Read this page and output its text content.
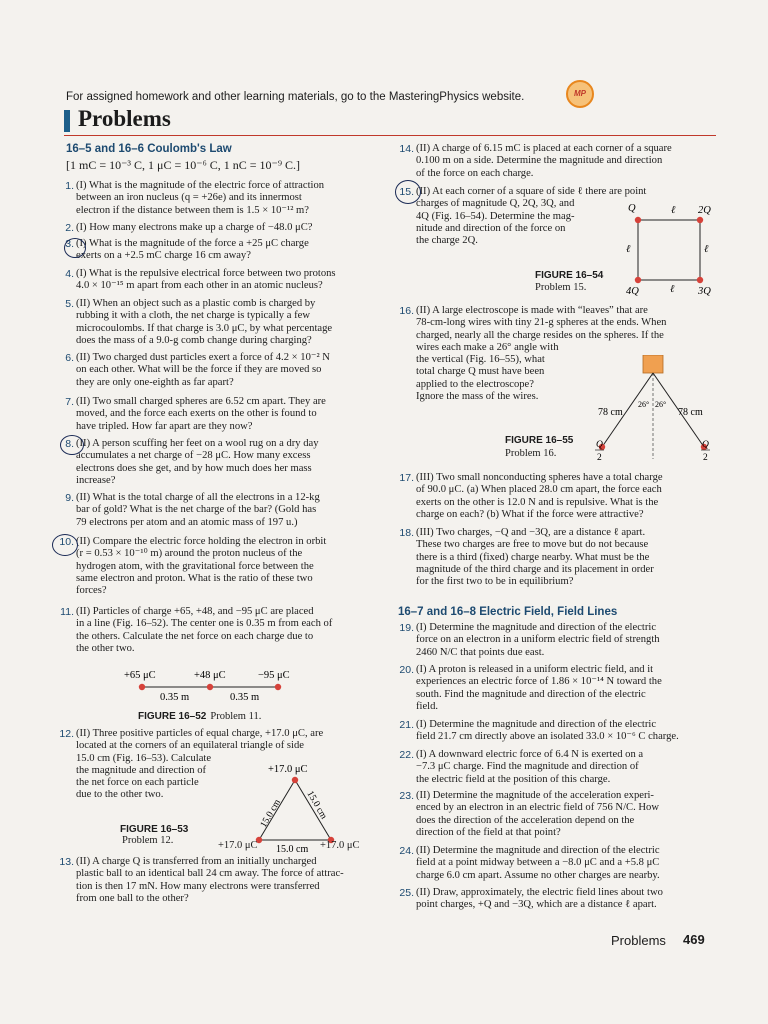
For assigned homework and other learning materials, go to the MasteringPhysics website.	MP
Problems
16–5 and 16–6 Coulomb's Law
[1 mC = 10⁻³ C, 1 μC = 10⁻⁶ C, 1 nC = 10⁻⁹ C.]
1. (I) What is the magnitude of the electric force of attraction
between an iron nucleus (q = +26e) and its innermost
electron if the distance between them is 1.5 × 10⁻¹² m?
2. (I) How many electrons make up a charge of −48.0 μC?
3. (I) What is the magnitude of the force a +25 μC charge
exerts on a +2.5 mC charge 16 cm away?
4. (I) What is the repulsive electrical force between two protons
4.0 × 10⁻¹⁵ m apart from each other in an atomic nucleus?
5. (II) When an object such as a plastic comb is charged by
rubbing it with a cloth, the net charge is typically a few
microcoulombs. If that charge is 3.0 μC, by what percentage
does the mass of a 9.0-g comb change during charging?
6. (II) Two charged dust particles exert a force of 4.2 × 10⁻² N
on each other. What will be the force if they are moved so
they are only one-eighth as far apart?
7. (II) Two small charged spheres are 6.52 cm apart. They are
moved, and the force each exerts on the other is found to
have tripled. How far apart are they now?
8. (II) A person scuffing her feet on a wool rug on a dry day
accumulates a net charge of −28 μC. How many excess
electrons does she get, and by how much does her mass
increase?
9. (II) What is the total charge of all the electrons in a 12-kg
bar of gold? What is the net charge of the bar? (Gold has
79 electrons per atom and an atomic mass of 197 u.)
10. (II) Compare the electric force holding the electron in orbit
(r = 0.53 × 10⁻¹⁰ m) around the proton nucleus of the
hydrogen atom, with the gravitational force between the
same electron and proton. What is the ratio of these two
forces?
11. (II) Particles of charge +65, +48, and −95 μC are placed
in a line (Fig. 16–52). The center one is 0.35 m from each of
the others. Calculate the net force on each charge due to
the other two.
12. (II) Three positive particles of equal charge, +17.0 μC, are
located at the corners of an equilateral triangle of side
15.0 cm (Fig. 16–53). Calculate
the magnitude and direction of
the net force on each particle
due to the other two.
13. (II) A charge Q is transferred from an initially uncharged
plastic ball to an identical ball 24 cm away. The force of attrac-
tion is then 17 mN. How many electrons were transferred
from one ball to the other?
14. (II) A charge of 6.15 mC is placed at each corner of a square
0.100 m on a side. Determine the magnitude and direction
of the force on each charge.
15. (II) At each corner of a square of side ℓ there are point
charges of magnitude Q, 2Q, 3Q, and
4Q (Fig. 16–54). Determine the mag-
nitude and direction of the force on
the charge 2Q.
16. (II) A large electroscope is made with “leaves” that are
78-cm-long wires with tiny 21-g spheres at the ends. When
charged, nearly all the charge resides on the spheres. If the
wires each make a 26° angle with
the vertical (Fig. 16–55), what
total charge Q must have been
applied to the electroscope?
Ignore the mass of the wires.
17. (III) Two small nonconducting spheres have a total charge
of 90.0 μC. (a) When placed 28.0 cm apart, the force each
exerts on the other is 12.0 N and is repulsive. What is the
charge on each? (b) What if the force were attractive?
18. (III) Two charges, −Q and −3Q, are a distance ℓ apart.
These two charges are free to move but do not because
there is a third (fixed) charge nearby. What must be the
magnitude of the third charge and its placement in order
for the first two to be in equilibrium?
19. (I) Determine the magnitude and direction of the electric
force on an electron in a uniform electric field of strength
2460 N/C that points due east.
20. (I) A proton is released in a uniform electric field, and it
experiences an electric force of 1.86 × 10⁻¹⁴ N toward the
south. Find the magnitude and direction of the electric
field.
21. (I) Determine the magnitude and direction of the electric
field 21.7 cm directly above an isolated 33.0 × 10⁻⁶ C charge.
22. (I) A downward electric force of 6.4 N is exerted on a
−7.3 μC charge. Find the magnitude and direction of
the electric field at the position of this charge.
23. (II) Determine the magnitude of the acceleration experi-
enced by an electron in an electric field of 756 N/C. How
does the direction of the acceleration depend on the
direction of the field at that point?
24. (II) Determine the magnitude and direction of the electric
field at a point midway between a −8.0 μC and a +5.8 μC
charge 6.0 cm apart. Assume no other charges are nearby.
25. (II) Draw, approximately, the electric field lines about two
point charges, +Q and −3Q, which are a distance ℓ apart.
16–7 and 16–8 Electric Field, Field Lines
+65 μC	+48 μC	−95 μC
0.35 m	0.35 m
FIGURE 16–52 Problem 11.
+17.0 μC
15.0 cm 15.0 cm
15.0 cm
+17.0 μC	+17.0 μC
FIGURE 16–53
Problem 12.
Q	2Q
ℓ
ℓ	ℓ
4Q	ℓ 3Q
FIGURE 16–54
Problem 15.
26° 26°
78 cm	78 cm
Q
2
Q
2
FIGURE 16–55
Problem 16.
Problems 469
